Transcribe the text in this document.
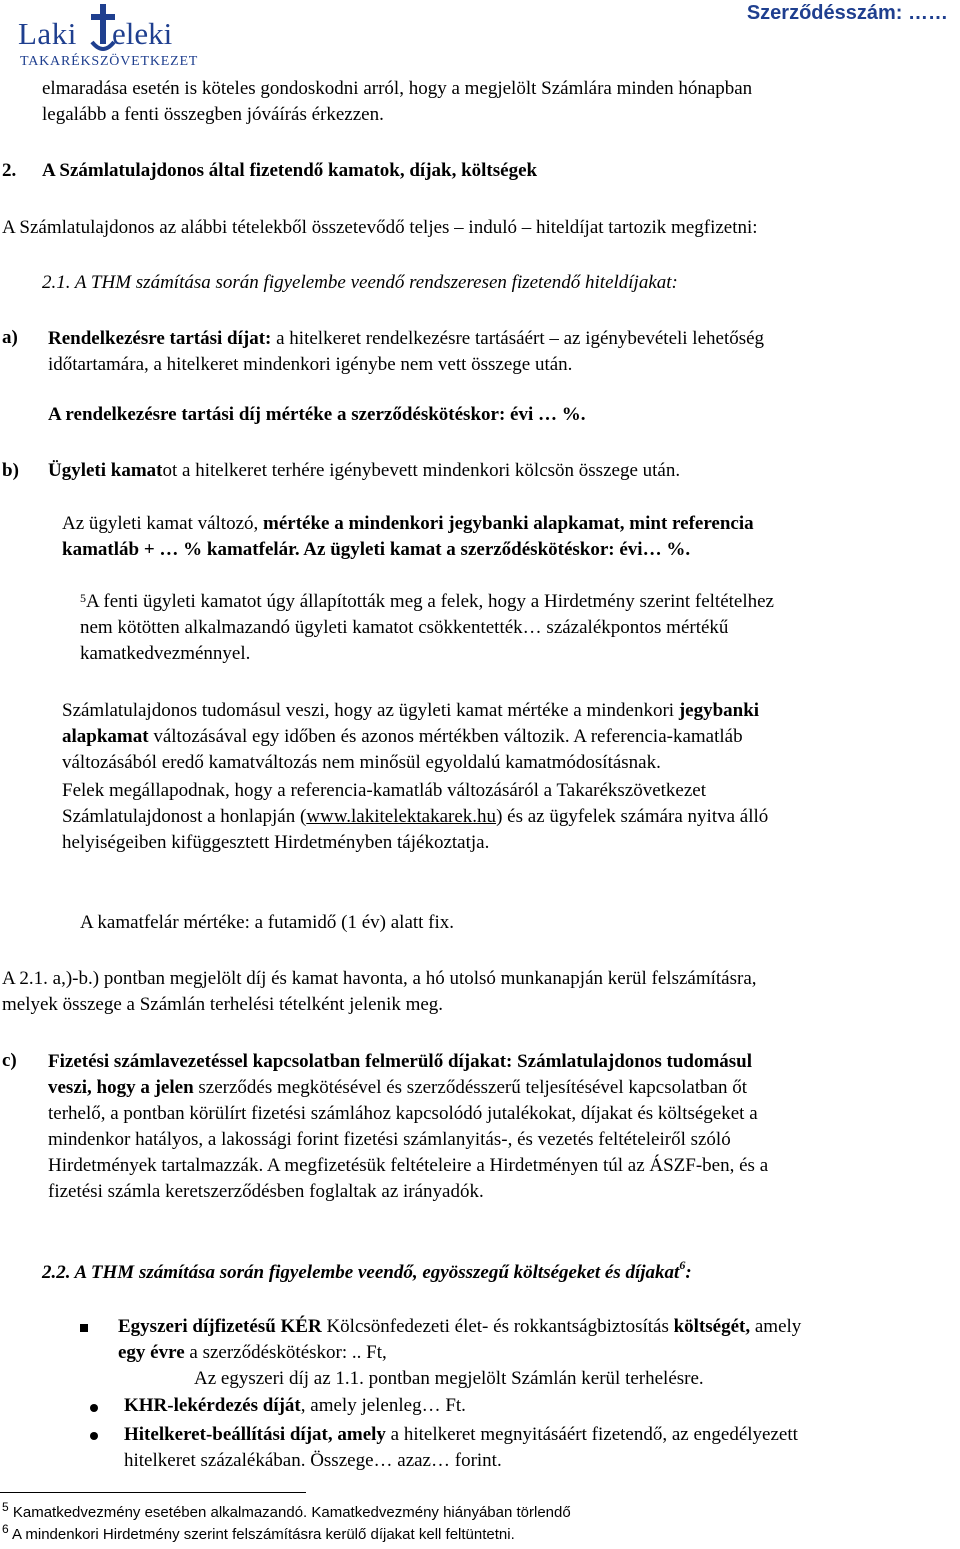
Laki eleki
TAKARÉKSZÖVETKEZET
Szerződésszám: ……
elmaradása esetén is köteles gondoskodni arról, hogy a megjelölt Számlára minden hónapban
legalább a fenti összegben jóváírás érkezzen.
2. A Számlatulajdonos által fizetendő kamatok, díjak, költségek
A Számlatulajdonos az alábbi tételekből összetevődő teljes – induló – hiteldíjat tartozik megfizetni:
2.1. A THM számítása során figyelembe veendő rendszeresen fizetendő hiteldíjakat:
a) Rendelkezésre tartási díjat: a hitelkeret rendelkezésre tartásáért – az igénybevételi lehetőség
időtartamára, a hitelkeret mindenkori igénybe nem vett összege után.
A rendelkezésre tartási díj mértéke a szerződéskötéskor: évi … %.
b) Ügyleti kamatot a hitelkeret terhére igénybevett mindenkori kölcsön összege után.
Az ügyleti kamat változó, mértéke a mindenkori jegybanki alapkamat, mint referencia
kamatláb + … % kamatfelár. Az ügyleti kamat a szerződéskötéskor: évi… %.
$^5$A fenti ügyleti kamatot úgy állapították meg a felek, hogy a Hirdetmény szerint feltételhez
nem kötötten alkalmazandó ügyleti kamatot csökkentették… százalékpontos mértékű
kamatkedvezménnyel.
Számlatulajdonos tudomásul veszi, hogy az ügyleti kamat mértéke a mindenkori jegybanki
alapkamat változásával egy időben és azonos mértékben változik. A referencia-kamatláb
változásából eredő kamatváltozás nem minősül egyoldalú kamatmódosításnak.
Felek megállapodnak, hogy a referencia-kamatláb változásáról a Takarékszövetkezet
Számlatulajdonost a honlapján (www.lakitelektakarek.hu) és az ügyfelek számára nyitva álló
helyiségeiben kifüggesztett Hirdetményben tájékoztatja.
A kamatfelár mértéke: a futamidő (1 év) alatt fix.
A 2.1. a,)-b.) pontban megjelölt díj és kamat havonta, a hó utolsó munkanapján kerül felszámításra,
melyek összege a Számlán terhelési tételként jelenik meg.
c) Fizetési számlavezetéssel kapcsolatban felmerülő díjakat: Számlatulajdonos tudomásul
veszi, hogy a jelen szerződés megkötésével és szerződésszerű teljesítésével kapcsolatban őt
terhelő, a pontban körülírt fizetési számlához kapcsolódó jutalékokat, díjakat és költségeket a
mindenkor hatályos, a lakossági forint fizetési számlanyitás-, és vezetés feltételeiről szóló
Hirdetmények tartalmazzák. A megfizetésük feltételeire a Hirdetményen túl az ÁSZF-ben, és a
fizetési számla keretszerződésben foglaltak az irányadók.
2.2. A THM számítása során figyelembe veendő, egyösszegű költségeket és díjakat$^6$:
Egyszeri díjfizetésű KÉR Kölcsönfedezeti élet- és rokkantságbiztosítás költségét, amely
egy évre a szerződéskötéskor: .. Ft,
Az egyszeri díj az 1.1. pontban megjelölt Számlán kerül terhelésre.
KHR-lekérdezés díját, amely jelenleg… Ft.
Hitelkeret-beállítási díjat, amely a hitelkeret megnyitásáért fizetendő, az engedélyezett
hitelkeret százalékában. Összege… azaz… forint.
$^5$ Kamatkedvezmény esetében alkalmazandó. Kamatkedvezmény hiányában törlendő
$^6$ A mindenkori Hirdetmény szerint felszámításra kerülő díjakat kell feltüntetni.
